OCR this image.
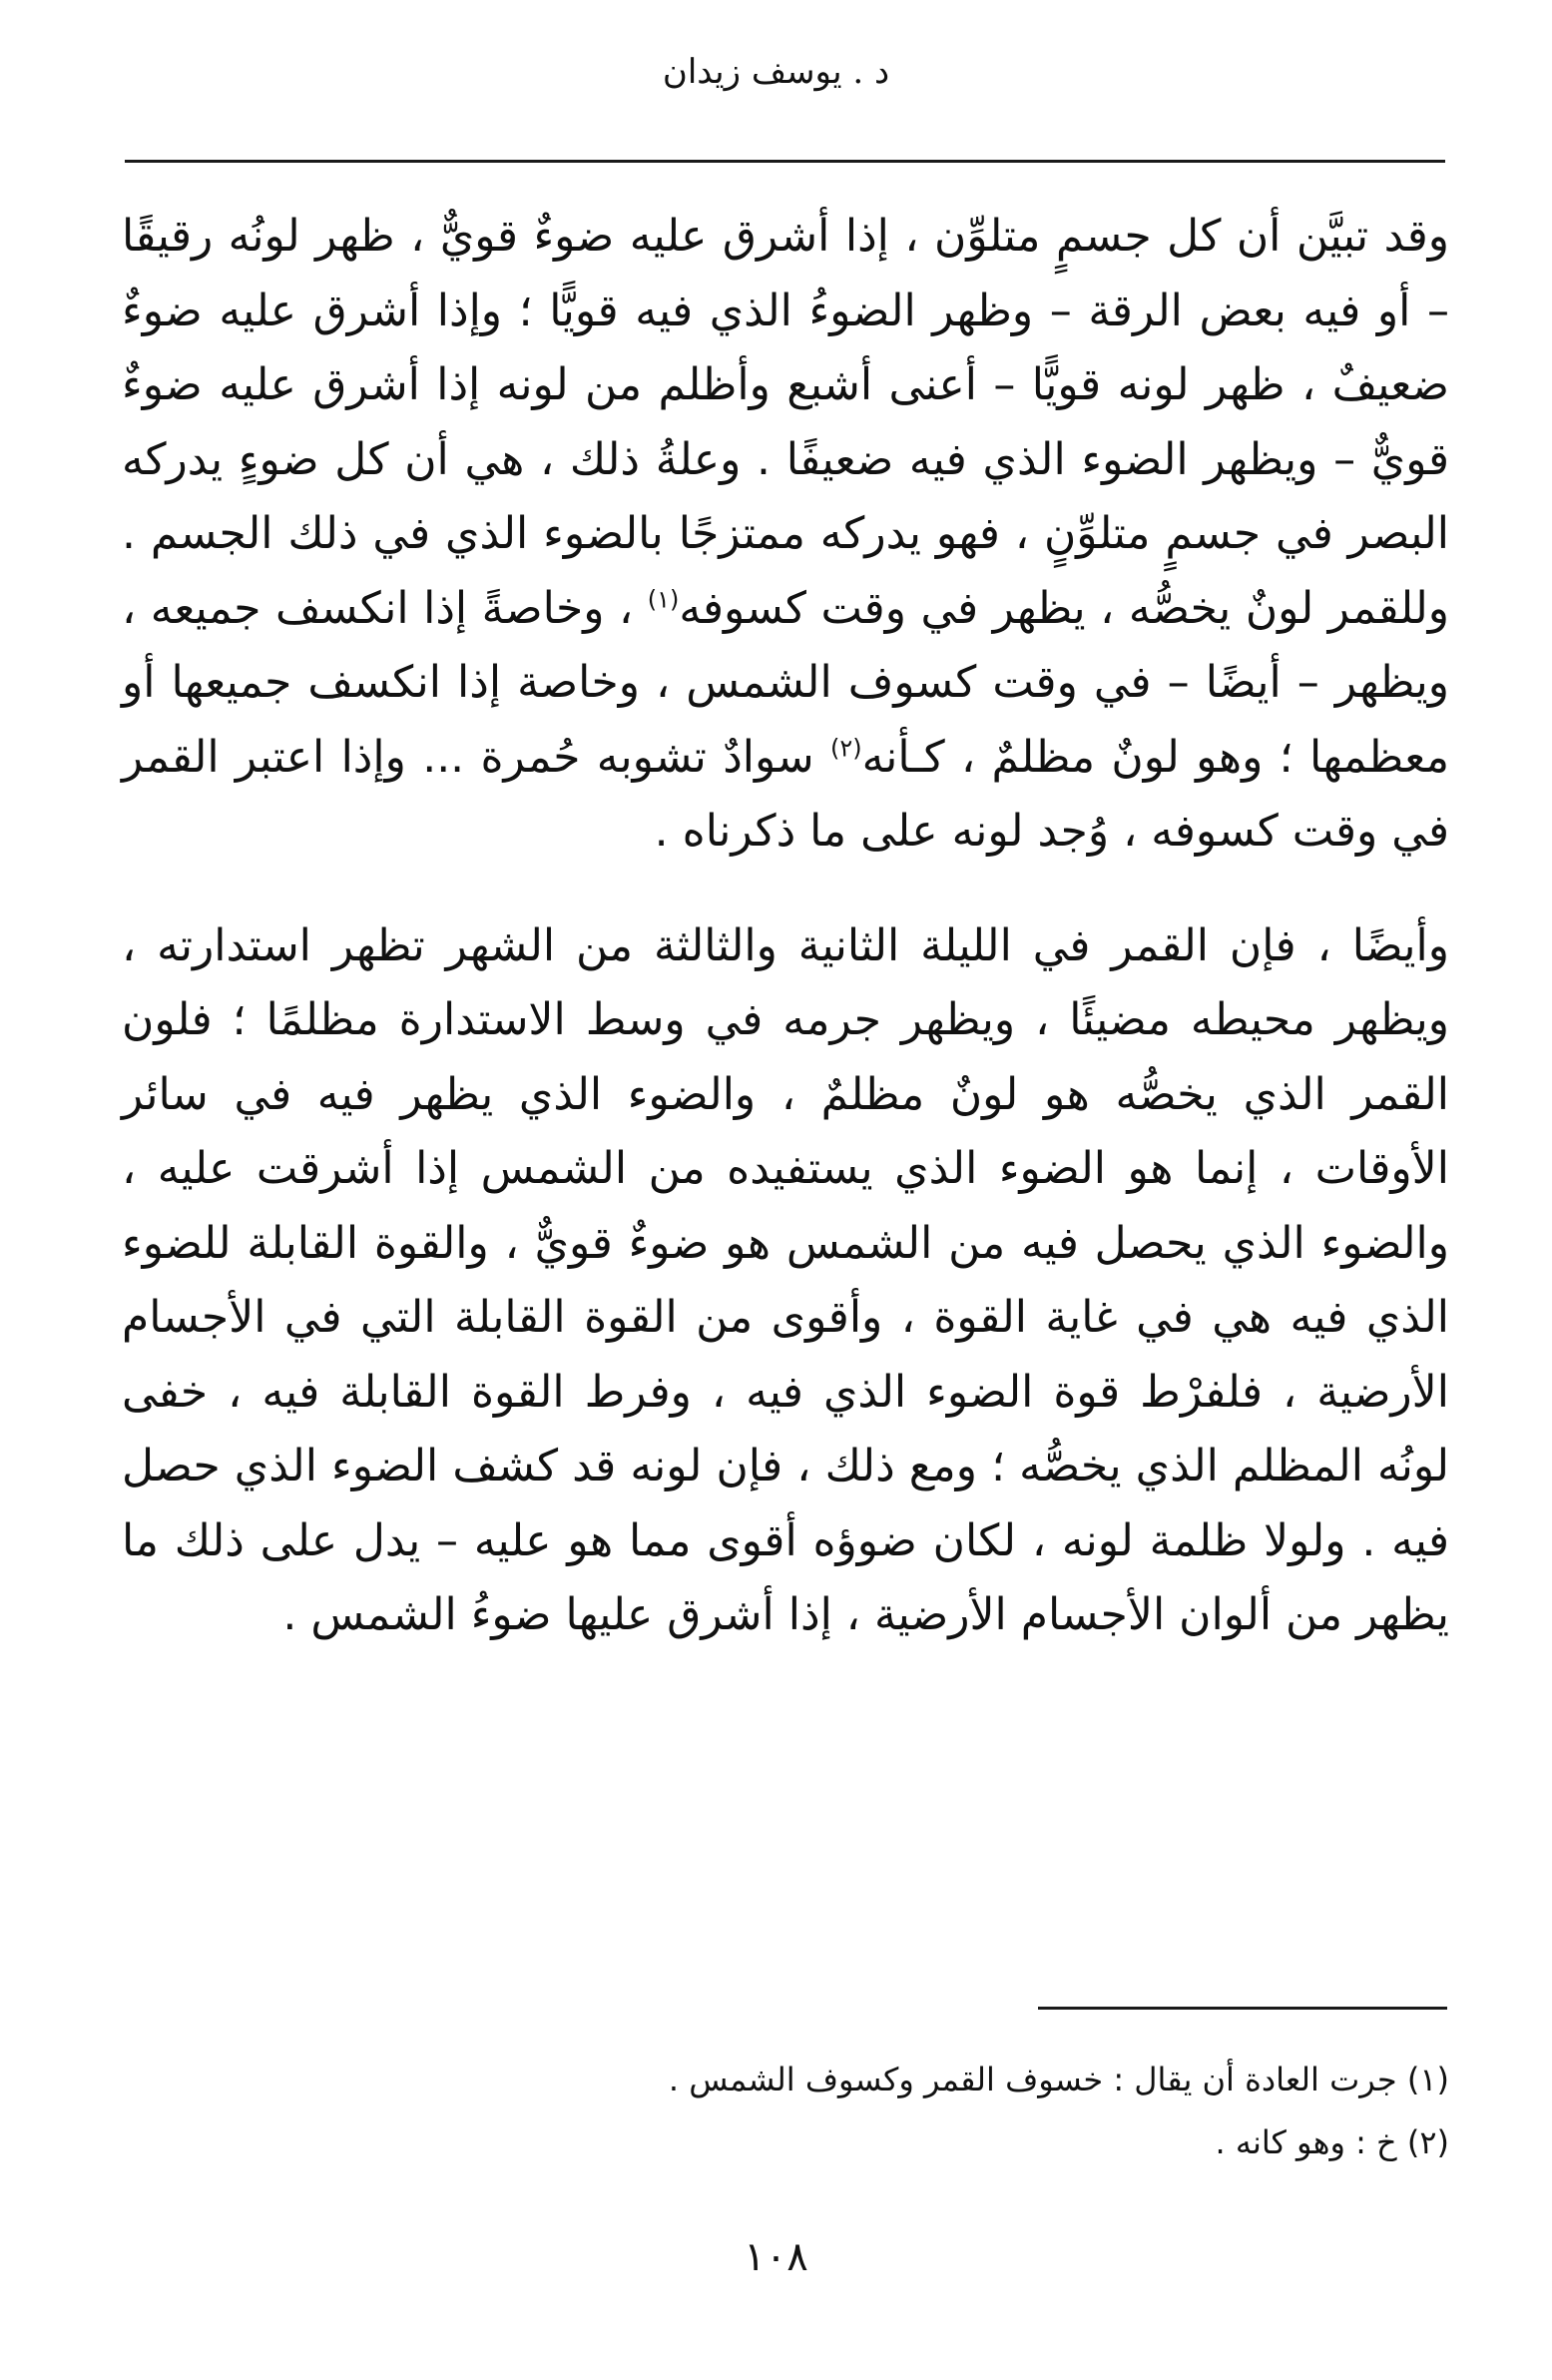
د . يوسف زيدان

وقد تبيَّن أن كل جسمٍ متلوِّن ، إذا أشرق عليه ضوءٌ قويٌّ ، ظهر لونُه رقيقًا – أو فيه بعض الرقة – وظهر الضوءُ الذي فيه قويًّا ؛ وإذا أشرق عليه ضوءٌ ضعيفٌ ، ظهر لونه قويًّا – أعنى أشبع وأظلم من لونه إذا أشرق عليه ضوءٌ قويٌّ – ويظهر الضوء الذي فيه ضعيفًا . وعلةُ ذلك ، هي أن كل ضوءٍ يدركه البصر في جسمٍ متلوِّنٍ ، فهو يدركه ممتزجًا بالضوء الذي في ذلك الجسم . وللقمر لونٌ يخصُّه ، يظهر في وقت كسوفه$^{(١)}$ ، وخاصةً إذا انكسف جميعه ، ويظهر – أيضًا – في وقت كسوف الشمس ، وخاصة إذا انكسف جميعها أو معظمها ؛ وهو لونٌ مظلمٌ ، كـأنه$^{(٢)}$ سوادٌ تشوبه حُمرة ... وإذا اعتبر القمر في وقت كسوفه ، وُجد لونه على ما ذكرناه .

وأيضًا ، فإن القمر في الليلة الثانية والثالثة من الشهر تظهر استدارته ، ويظهر محيطه مضيئًا ، ويظهر جرمه في وسط الاستدارة مظلمًا ؛ فلون القمر الذي يخصُّه هو لونٌ مظلمٌ ، والضوء الذي يظهر فيه في سائر الأوقات ، إنما هو الضوء الذي يستفيده من الشمس إذا أشرقت عليه ، والضوء الذي يحصل فيه من الشمس هو ضوءٌ قويٌّ ، والقوة القابلة للضوء الذي فيه هي في غاية القوة ، وأقوى من القوة القابلة التي في الأجسام الأرضية ، فلفرْط قوة الضوء الذي فيه ، وفرط القوة القابلة فيه ، خفى لونُه المظلم الذي يخصُّه ؛ ومع ذلك ، فإن لونه قد كشف الضوء الذي حصل فيه . ولولا ظلمة لونه ، لكان ضوؤه أقوى مما هو عليه – يدل على ذلك ما يظهر من ألوان الأجسام الأرضية ، إذا أشرق عليها ضوءُ الشمس .

(١) جرت العادة أن يقال : خسوف القمر وكسوف الشمس .

(٢) خ : وهو كانه .

١٠٨
